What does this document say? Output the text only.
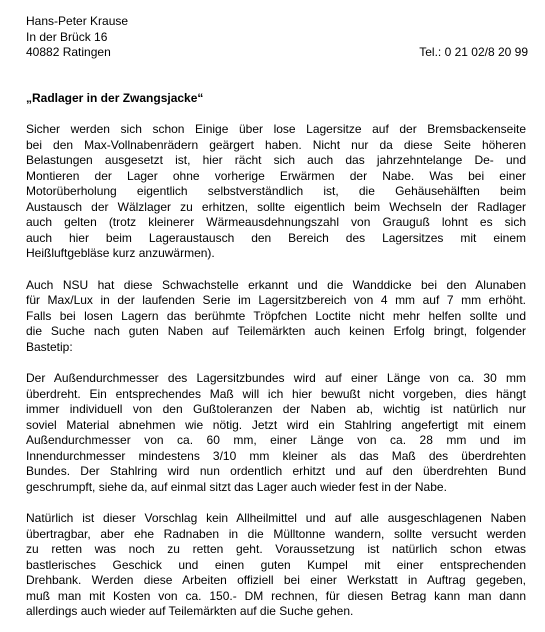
Hans-Peter Krause
In der Brück 16
40882 Ratingen	Tel.: 0 21 02/8 20 99
„Radlager in der Zwangsjacke“
Sicher werden sich schon Einige über lose Lagersitze auf der Bremsbackenseite
bei den Max-Vollnabenrädern geärgert haben. Nicht nur da diese Seite höheren
Belastungen ausgesetzt ist, hier rächt sich auch das jahrzehntelange De- und
Montieren der Lager ohne vorherige Erwärmen der Nabe. Was bei einer
Motorüberholung eigentlich selbstverständlich ist, die Gehäusehälften beim
Austausch der Wälzlager zu erhitzen, sollte eigentlich beim Wechseln der Radlager
auch gelten (trotz kleinerer Wärmeausdehnungszahl von Grauguß lohnt es sich
auch hier beim Lageraustausch den Bereich des Lagersitzes mit einem
Heißluftgebläse kurz anzuwärmen).
Auch NSU hat diese Schwachstelle erkannt und die Wanddicke bei den Alunaben
für Max/Lux in der laufenden Serie im Lagersitzbereich von 4 mm auf 7 mm erhöht.
Falls bei losen Lagern das berühmte Tröpfchen Loctite nicht mehr helfen sollte und
die Suche nach guten Naben auf Teilemärkten auch keinen Erfolg bringt, folgender
Bastetip:
Der Außendurchmesser des Lagersitzbundes wird auf einer Länge von ca. 30 mm
überdreht. Ein entsprechendes Maß will ich hier bewußt nicht vorgeben, dies hängt
immer individuell von den Gußtoleranzen der Naben ab, wichtig ist natürlich nur
soviel Material abnehmen wie nötig. Jetzt wird ein Stahlring angefertigt mit einem
Außendurchmesser von ca. 60 mm, einer Länge von ca. 28 mm und im
Innendurchmesser mindestens 3/10 mm kleiner als das Maß des überdrehten
Bundes. Der Stahlring wird nun ordentlich erhitzt und auf den überdrehten Bund
geschrumpft, siehe da, auf einmal sitzt das Lager auch wieder fest in der Nabe.
Natürlich ist dieser Vorschlag kein Allheilmittel und auf alle ausgeschlagenen Naben
übertragbar, aber ehe Radnaben in die Mülltonne wandern, sollte versucht werden
zu retten was noch zu retten geht. Voraussetzung ist natürlich schon etwas
bastlerisches Geschick und einen guten Kumpel mit einer entsprechenden
Drehbank. Werden diese Arbeiten offiziell bei einer Werkstatt in Auftrag gegeben,
muß man mit Kosten von ca. 150.- DM rechnen, für diesen Betrag kann man dann
allerdings auch wieder auf Teilemärkten auf die Suche gehen.
